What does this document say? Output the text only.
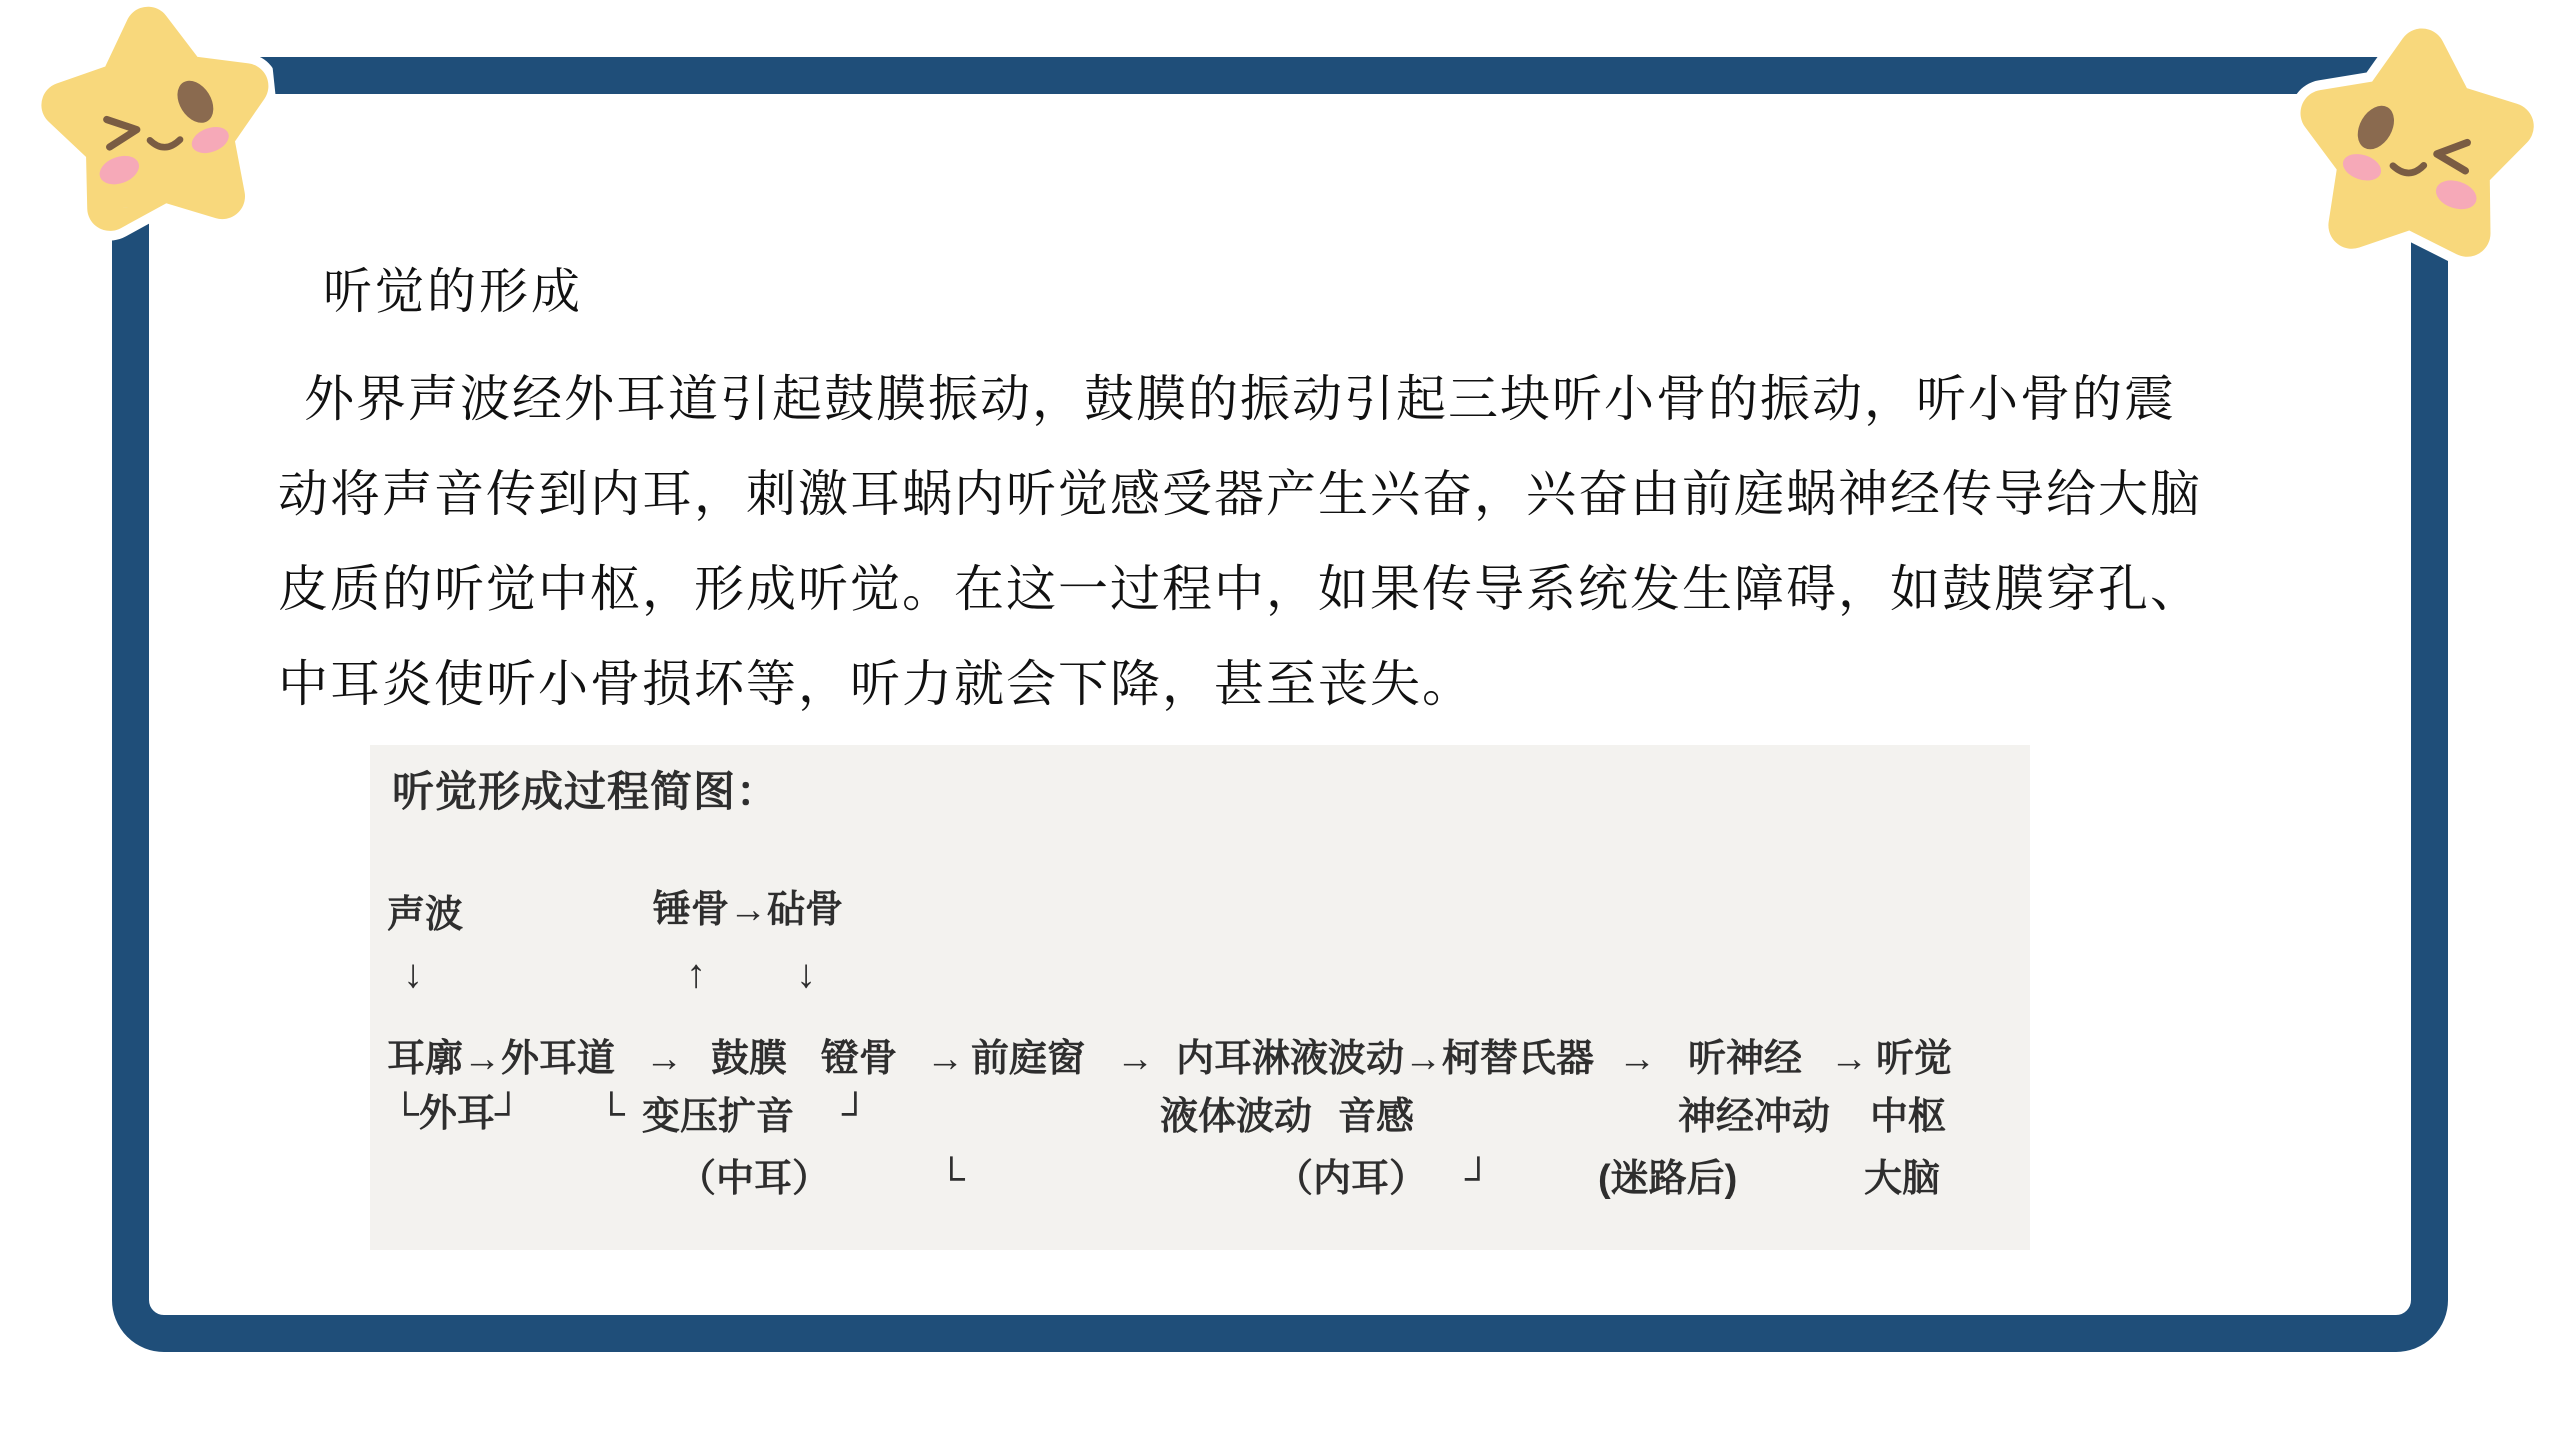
听觉的形成
外界声波经外耳道引起鼓膜振动，鼓膜的振动引起三块听小骨的振动，听小骨的震
动将声音传到内耳，刺激耳蜗内听觉感受器产生兴奋，兴奋由前庭蜗神经传导给大脑
皮质的听觉中枢，形成听觉。在这一过程中，如果传导系统发生障碍，如鼓膜穿孔、
中耳炎使听小骨损坏等，听力就会下降，甚至丧失。
听觉形成过程简图：
声波	锤骨→砧骨
↓	↑ ↓
耳廓→外耳道 → 鼓膜 镫骨 → 前庭窗 → 内耳淋液波动→柯替氏器 → 听神经 → 听觉
└外耳┘ └ 变压扩音 ┘	液体波动 音感	神经冲动 中枢
（中耳）	└	（内耳） ┘	(迷路后)	大脑
